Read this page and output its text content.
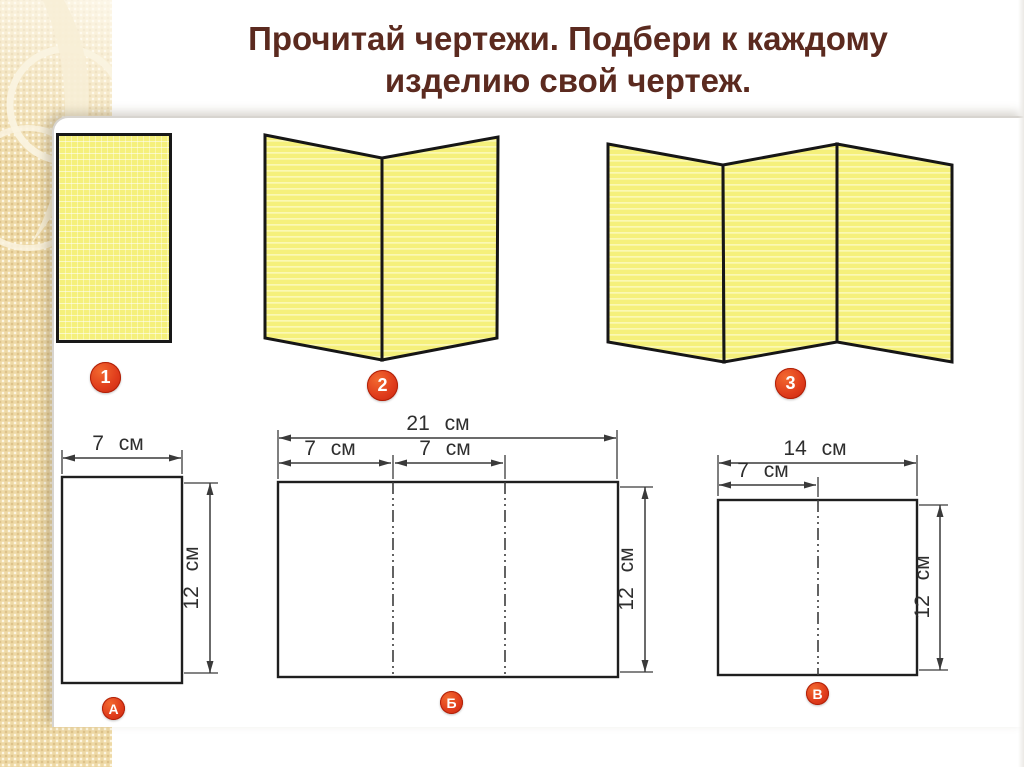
Прочитай чертежи. Подбери к каждому
изделию свой чертеж.
1	2	3
7 см
12 см
А
21 см
7 см	7 см
12 см
Б
14 см
7 см
12 см
В
